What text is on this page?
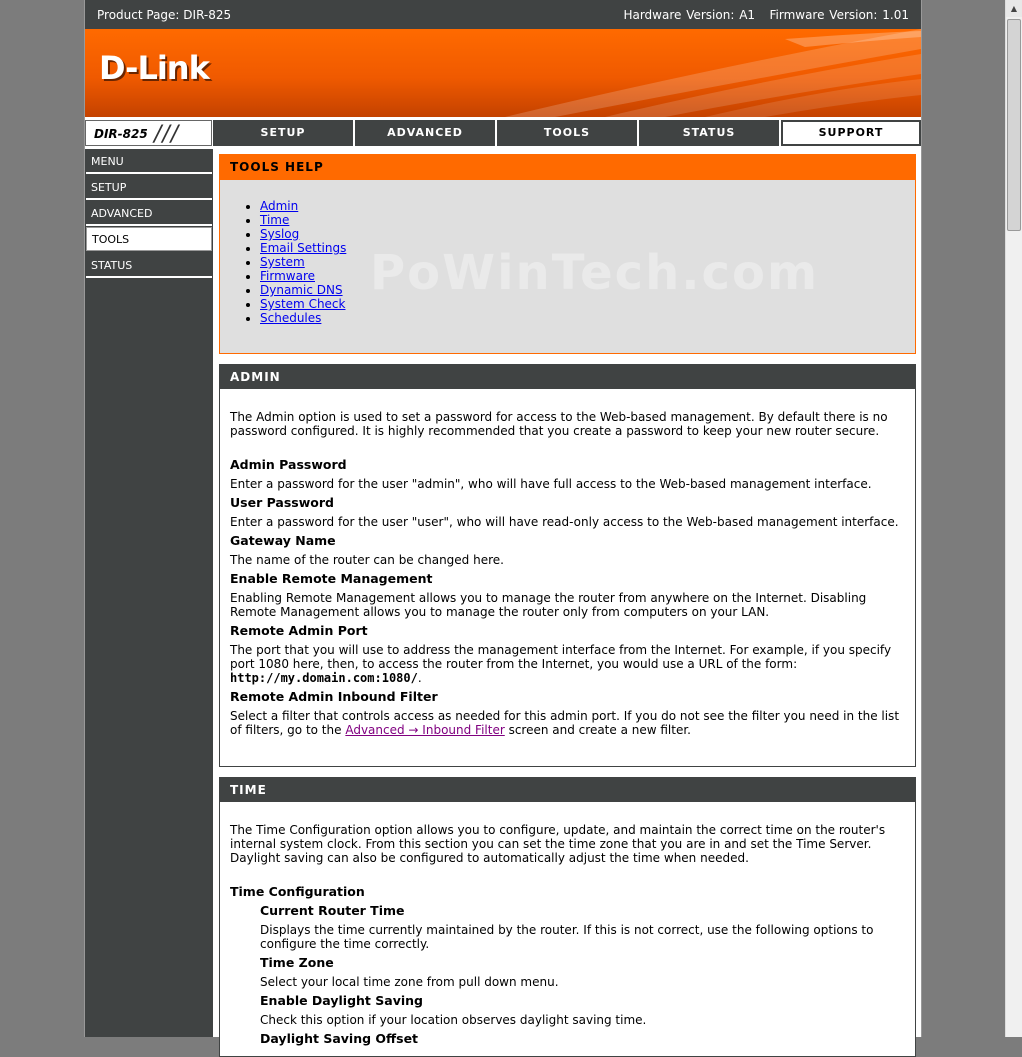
Product Page: DIR-825	Hardware Version: A1   Firmware Version: 1.01
D-Link
DIR-825 / / /	SETUP	ADVANCED	TOOLS	STATUS	SUPPORT
MENU
SETUP
ADVANCED
TOOLS
STATUS
TOOLS HELP
• Admin
• Time
• Syslog
• Email Settings
• System
• Firmware
• Dynamic DNS
• System Check
• Schedules
PoWinTech.com
ADMIN

The Admin option is used to set a password for access to the Web-based management. By default there is no password configured. It is highly recommended that you create a password to keep your new router secure.

Admin Password

Enter a password for the user "admin", who will have full access to the Web-based management interface.

User Password

Enter a password for the user "user", who will have read-only access to the Web-based management interface.

Gateway Name

The name of the router can be changed here.

Enable Remote Management

Enabling Remote Management allows you to manage the router from anywhere on the Internet. Disabling Remote Management allows you to manage the router only from computers on your LAN.

Remote Admin Port

The port that you will use to address the management interface from the Internet. For example, if you specify port 1080 here, then, to access the router from the Internet, you would use a URL of the form:

http://my.domain.com:1080/.

Remote Admin Inbound Filter

Select a filter that controls access as needed for this admin port. If you do not see the filter you need in the list of filters, go to the Advanced → Inbound Filter screen and create a new filter.

TIME

The Time Configuration option allows you to configure, update, and maintain the correct time on the router's internal system clock. From this section you can set the time zone that you are in and set the Time Server. Daylight saving can also be configured to automatically adjust the time when needed.

Time Configuration
Current Router Time

Displays the time currently maintained by the router. If this is not correct, use the following options to configure the time correctly.

Time Zone

Select your local time zone from pull down menu.

Enable Daylight Saving

Check this option if your location observes daylight saving time.

Daylight Saving Offset
▲
